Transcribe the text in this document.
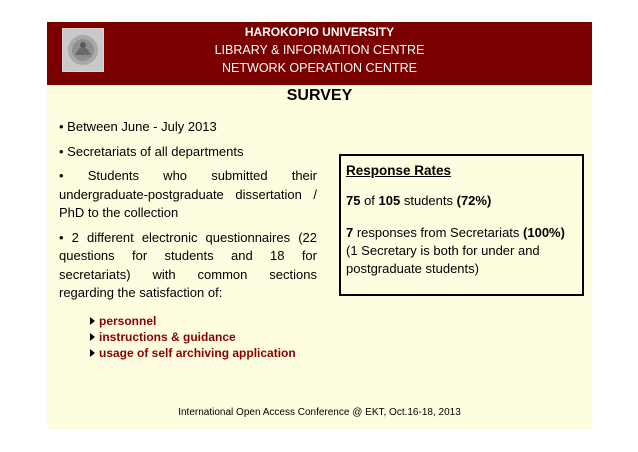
HAROKOPIO UNIVERSITY
LIBRARY & INFORMATION CENTRE
NETWORK OPERATION CENTRE
SURVEY

• Between June - July 2013

• Secretariats of all departments

• Students who submitted their undergraduate-postgraduate dissertation / PhD to the collection

• 2 different electronic questionnaires (22 questions for students and 18 for secretariats) with common sections regarding the satisfaction of:

personnel
instructions & guidance
usage of self archiving application
Response Rates

75 of 105 students (72%)

7 responses from Secretariats (100%)
(1 Secretary is both for under and postgraduate students)

International Open Access Conference @ EKT, Oct.16-18, 2013
